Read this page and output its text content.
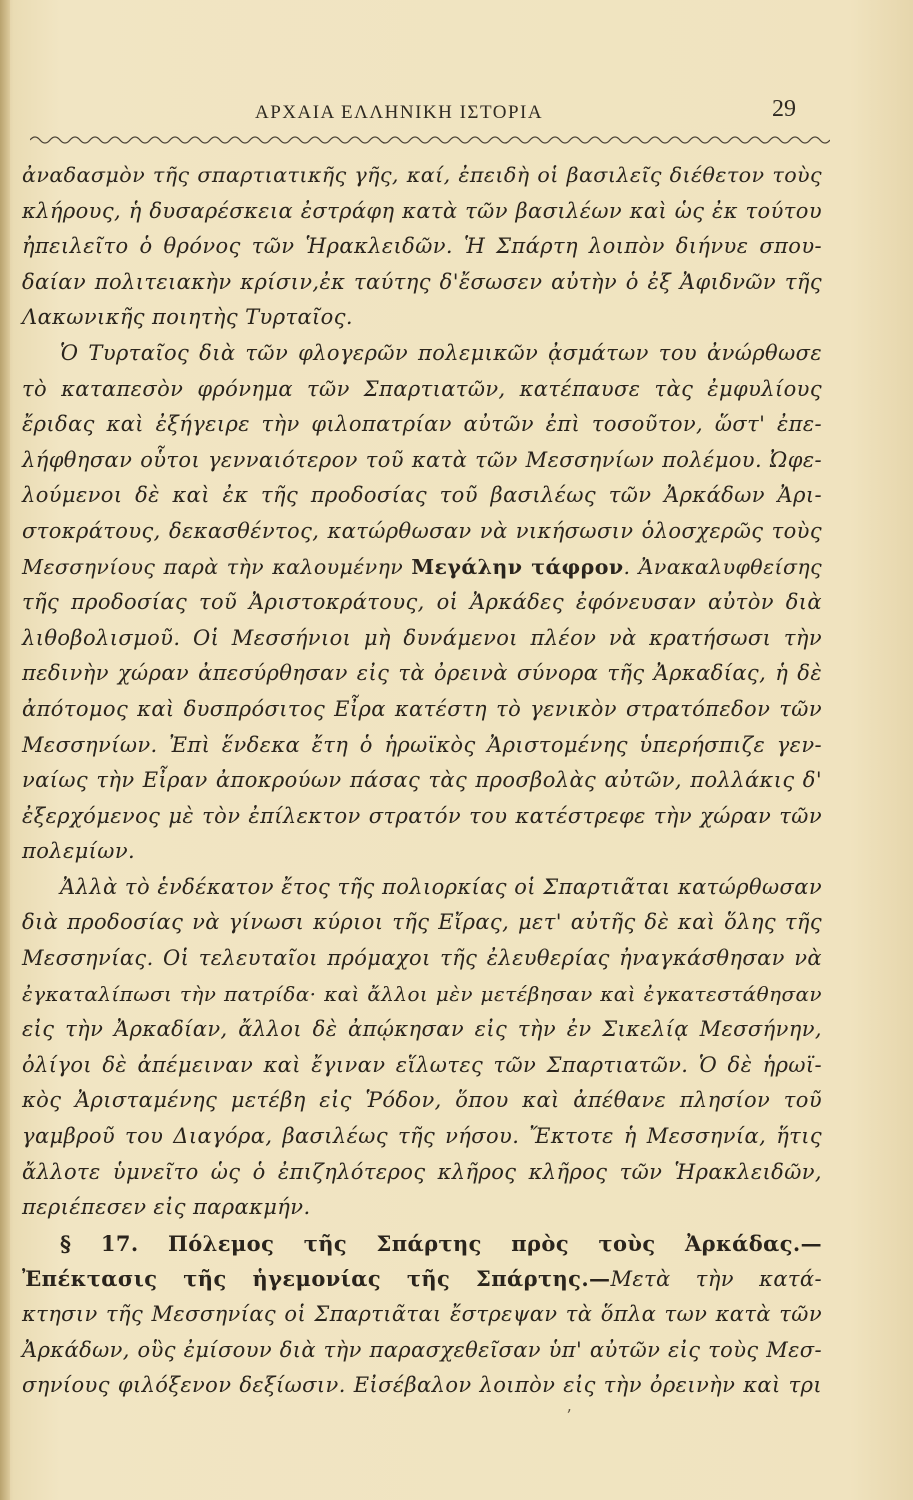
ΑΡΧΑΙΑ ΕΛΛΗΝΙΚΗ ΙΣΤΟΡΙΑ	29
ἀναδασμὸν τῆς σπαρτιατικῆς γῆς, καί, ἐπειδὴ οἱ βασιλεῖς διέθετον τοὺς
κλήρους, ἡ δυσαρέσκεια ἐστράφη κατὰ τῶν βασιλέων καὶ ὡς ἐκ τούτου
ἠπειλεῖτο ὁ θρόνος τῶν Ἡρακλειδῶν. Ἡ Σπάρτη λοιπὸν διήνυε σπου-
δαίαν πολιτειακὴν κρίσιν,ἐκ ταύτης δ'ἔσωσεν αὐτὴν ὁ ἐξ Ἀφιδνῶν τῆς
Λακωνικῆς ποιητὴς Τυρταῖος.
Ὁ Τυρταῖος διὰ τῶν φλογερῶν πολεμικῶν ᾀσμάτων του ἀνώρθωσε
τὸ καταπεσὸν φρόνημα τῶν Σπαρτιατῶν, κατέπαυσε τὰς ἐμφυλίους
ἔριδας καὶ ἐξήγειρε τὴν φιλοπατρίαν αὐτῶν ἐπὶ τοσοῦτον, ὥστ' ἐπε-
λήφθησαν οὗτοι γενναιότερον τοῦ κατὰ τῶν Μεσσηνίων πολέμου. Ὠφε-
λούμενοι δὲ καὶ ἐκ τῆς προδοσίας τοῦ βασιλέως τῶν Ἀρκάδων Ἀρι-
στοκράτους, δεκασθέντος, κατώρθωσαν νὰ νικήσωσιν ὁλοσχερῶς τοὺς
Μεσσηνίους παρὰ τὴν καλουμένην Μεγάλην τάφρον. Ἀνακαλυφθείσης
τῆς προδοσίας τοῦ Ἀριστοκράτους, οἱ Ἀρκάδες ἐφόνευσαν αὐτὸν διὰ
λιθοβολισμοῦ. Οἱ Μεσσήνιοι μὴ δυνάμενοι πλέον νὰ κρατήσωσι τὴν
πεδινὴν χώραν ἀπεσύρθησαν εἰς τὰ ὀρεινὰ σύνορα τῆς Ἀρκαδίας, ἡ δὲ
ἀπότομος καὶ δυσπρόσιτος Εἶρα κατέστη τὸ γενικὸν στρατόπεδον τῶν
Μεσσηνίων. Ἐπὶ ἕνδεκα ἔτη ὁ ἡρωϊκὸς Ἀριστομένης ὑπερήσπιζε γεν-
ναίως τὴν Εἶραν ἀποκρούων πάσας τὰς προσβολὰς αὐτῶν, πολλάκις δ'
ἐξερχόμενος μὲ τὸν ἐπίλεκτον στρατόν του κατέστρεφε τὴν χώραν τῶν
πολεμίων.
Ἀλλὰ τὸ ἑνδέκατον ἔτος τῆς πολιορκίας οἱ Σπαρτιᾶται κατώρθωσαν
διὰ προδοσίας νὰ γίνωσι κύριοι τῆς Εἴρας, μετ' αὐτῆς δὲ καὶ ὅλης τῆς
Μεσσηνίας. Οἱ τελευταῖοι πρόμαχοι τῆς ἐλευθερίας ἠναγκάσθησαν νὰ
ἐγκαταλίπωσι τὴν πατρίδα· καὶ ἄλλοι μὲν μετέβησαν καὶ ἐγκατεστάθησαν
εἰς τὴν Ἀρκαδίαν, ἄλλοι δὲ ἀπῴκησαν εἰς τὴν ἐν Σικελίᾳ Μεσσήνην,
ὀλίγοι δὲ ἀπέμειναν καὶ ἔγιναν εἵλωτες τῶν Σπαρτιατῶν. Ὁ δὲ ἡρωϊ-
κὸς Ἀρισταμένης μετέβη εἰς Ῥόδον, ὅπου καὶ ἀπέθανε πλησίον τοῦ
γαμβροῦ του Διαγόρα, βασιλέως τῆς νήσου. Ἔκτοτε ἡ Μεσσηνία, ἥτις
ἄλλοτε ὑμνεῖτο ὡς ὁ ἐπιζηλότερος κλῆρος κλῆρος τῶν Ἡρακλειδῶν,
περιέπεσεν εἰς παρακμήν.
§ 17. Πόλεμος τῆς Σπάρτης πρὸς τοὺς Ἀρκάδας.—
Ἐπέκτασις τῆς ἡγεμονίας τῆς Σπάρτης.—Μετὰ τὴν κατά-
κτησιν τῆς Μεσσηνίας οἱ Σπαρτιᾶται ἔστρεψαν τὰ ὅπλα των κατὰ τῶν
Ἀρκάδων, οὓς ἐμίσουν διὰ τὴν παρασχεθεῖσαν ὑπ' αὐτῶν εἰς τοὺς Μεσ-
σηνίους φιλόξενον δεξίωσιν. Εἰσέβαλον λοιπὸν εἰς τὴν ὀρεινὴν καὶ τρι
ʼ
